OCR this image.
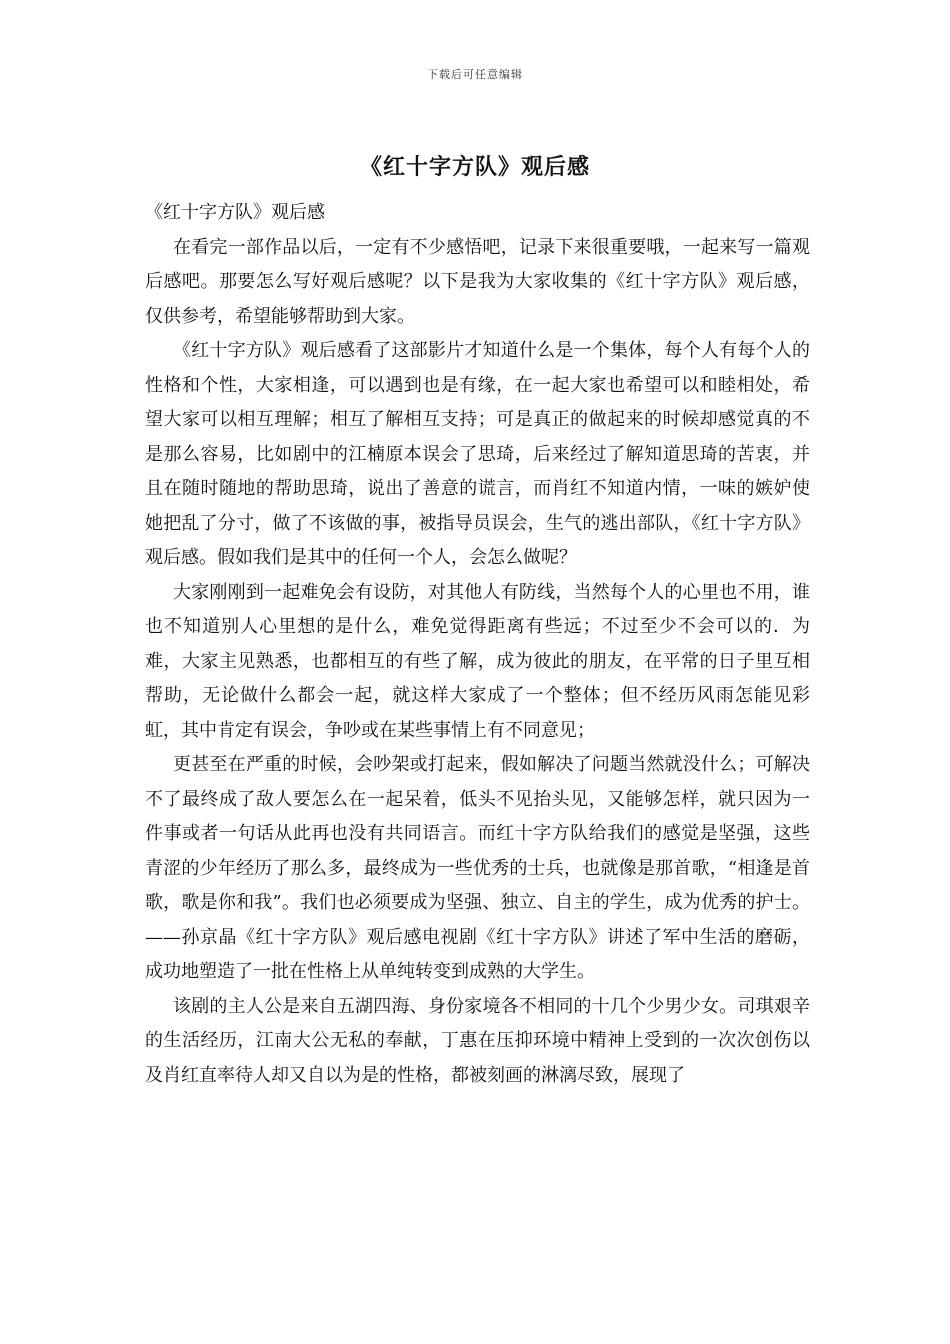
下载后可任意编辑
《红十字方队》观后感

《红十字方队》观后感

在看完一部作品以后，一定有不少感悟吧，记录下来很重要哦，一起来写一篇观后感吧。那要怎么写好观后感呢？以下是我为大家收集的《红十字方队》观后感，仅供参考，希望能够帮助到大家。

《红十字方队》观后感看了这部影片才知道什么是一个集体，每个人有每个人的性格和个性，大家相逢，可以遇到也是有缘，在一起大家也希望可以和睦相处，希望大家可以相互理解；相互了解相互支持；可是真正的做起来的时候却感觉真的不是那么容易，比如剧中的江楠原本误会了思琦，后来经过了解知道思琦的苦衷，并且在随时随地的帮助思琦，说出了善意的谎言，而肖红不知道内情，一味的嫉妒使她把乱了分寸，做了不该做的事，被指导员误会，生气的逃出部队，《红十字方队》观后感。假如我们是其中的任何一个人，会怎么做呢？

大家刚刚到一起难免会有设防，对其他人有防线，当然每个人的心里也不用，谁也不知道别人心里想的是什么，难免觉得距离有些远；不过至少不会可以的．为难，大家主见熟悉，也都相互的有些了解，成为彼此的朋友，在平常的日子里互相帮助，无论做什么都会一起，就这样大家成了一个整体；但不经历风雨怎能见彩虹，其中肯定有误会，争吵或在某些事情上有不同意见；

更甚至在严重的时候，会吵架或打起来，假如解决了问题当然就没什么；可解决不了最终成了敌人要怎么在一起呆着，低头不见抬头见，又能够怎样，就只因为一件事或者一句话从此再也没有共同语言。而红十字方队给我们的感觉是坚强，这些青涩的少年经历了那么多，最终成为一些优秀的士兵，也就像是那首歌，“相逢是首歌，歌是你和我”。我们也必须要成为坚强、独立、自主的学生，成为优秀的护士。——孙京晶《红十字方队》观后感电视剧《红十字方队》讲述了军中生活的磨砺，成功地塑造了一批在性格上从单纯转变到成熟的大学生。

该剧的主人公是来自五湖四海、身份家境各不相同的十几个少男少女。司琪艰辛的生活经历，江南大公无私的奉献，丁惠在压抑环境中精神上受到的一次次创伤以及肖红直率待人却又自以为是的性格，都被刻画的淋漓尽致，展现了
